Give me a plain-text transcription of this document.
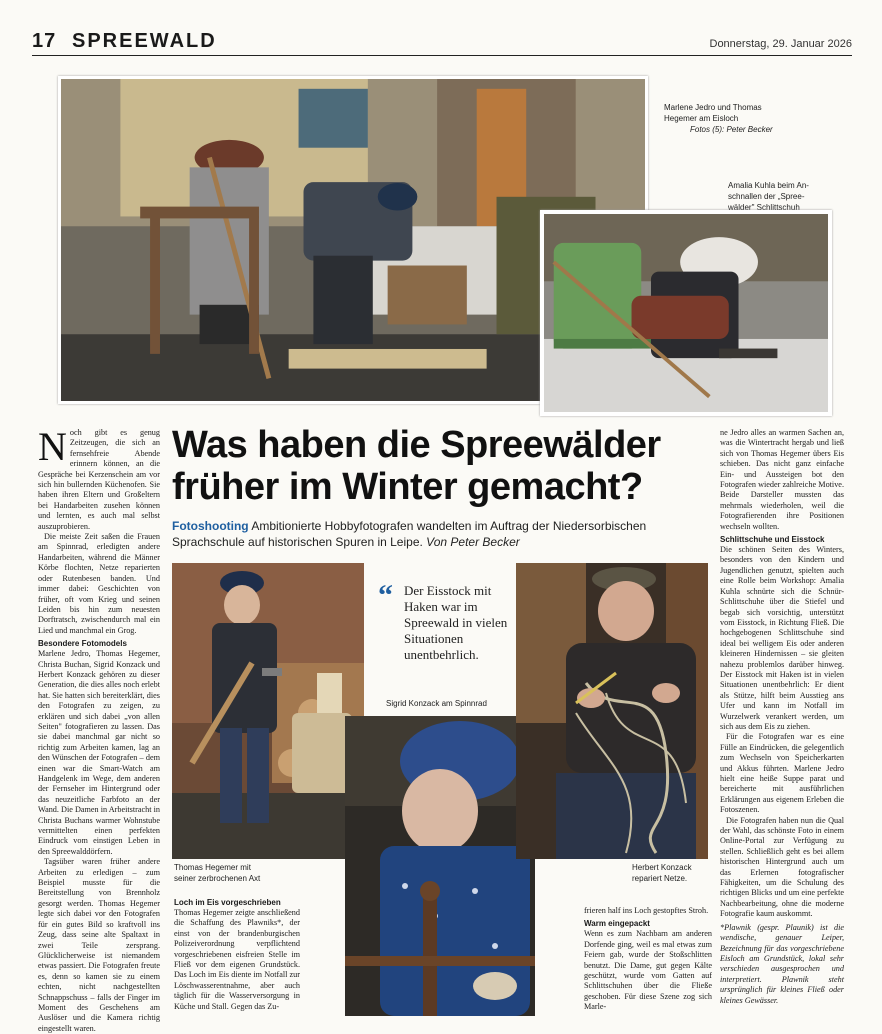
17 SPREEWALD	Donnerstag, 29. Januar 2026
Marlene Jedro und Thomas
Hegemer am Eisloch
Fotos (5): Peter Becker
Amalia Kuhla beim An-
schnallen der „Spree-
wälder" Schlittschuh
N och gibt es genug Zeitzeugen, die sich an fernsehfreie Abende erinnern können, an die Gespräche bei Kerzenschein am vor sich hin bullernden Küchenofen. Sie haben ihren Eltern und Großeltern bei Handarbeiten zusehen können und lernten, es auch mal selbst auszuprobieren.

Die meiste Zeit saßen die Frauen am Spinnrad, erledigten andere Handarbeiten, während die Männer Körbe flochten, Netze reparierten oder Rutenbesen banden. Und immer dabei: Geschichten von früher, oft vom Krieg und seinen Leiden bis hin zum neuesten Dorftratsch, zwischendurch mal ein Lied und manchmal ein Grog.

Besondere Fotomodels

Marlene Jedro, Thomas Hegemer, Christa Buchan, Sigrid Konzack und Herbert Konzack gehören zu dieser Generation, die dies alles noch erlebt hat. Sie hatten sich bereiterklärt, dies den Fotografen zu zeigen, zu erklären und sich dabei „von allen Seiten" fotografieren zu lassen. Das sie dabei manchmal gar nicht so richtig zum Arbeiten kamen, lag an den Wünschen der Fotografen – dem einen war die Smart-Watch am Handgelenk im Wege, dem anderen der Fernseher im Hintergrund oder das neuzeitliche Farbfoto an der Wand. Die Damen in Arbeitstracht in Christa Buchans warmer Wohnstube vermittelten einen perfekten Eindruck vom einstigen Leben in den Spreewalddörfern.

Tagsüber waren früher andere Arbeiten zu erledigen – zum Beispiel musste für die Bereitstellung von Brennholz gesorgt werden. Thomas Hegemer legte sich dabei vor den Fotografen für ein gutes Bild so kraftvoll ins Zeug, dass seine alte Spaltaxt in zwei Teile zersprang. Glücklicherweise ist niemandem etwas passiert. Die Fotografen freute es, denn so kamen sie zu einem echten, nicht nachgestellten Schnappschuss – falls der Finger im Moment des Geschehens am Auslöser und die Kamera richtig eingestellt waren.

Was haben die Spreewälder
früher im Winter gemacht?
Fotoshooting Ambitionierte Hobbyfotografen wandelten im Auftrag der Niedersorbischen Sprachschule auf historischen Spuren in Leipe. Von Peter Becker
Thomas Hegemer mit
seiner zerbrochenen Axt
Loch im Eis vorgeschrieben

Thomas Hegemer zeigte anschließend die Schaffung des Plawniks*, der einst von der brandenburgischen Polizeiverordnung verpflichtend vorgeschriebenen eisfreien Stelle im Fließ vor dem eigenen Grundstück. Das Loch im Eis diente im Notfall zur Löschwasserentnahme, aber auch täglich für die Wasserversorgung in Küche und Stall. Gegen das Zu-

“ Der Eisstock mit Haken war im Spreewald in vielen Situationen unentbehrlich.
Sigrid Konzack am Spinnrad

frieren half ins Loch gestopftes Stroh.

Warm eingepackt

Wenn es zum Nachbarn am anderen Dorfende ging, weil es mal etwas zum Feiern gab, wurde der Stoßschlitten benutzt. Die Dame, gut gegen Kälte geschützt, wurde vom Gatten auf Schlittschuhen über die Fließe geschoben. Für diese Szene zog sich Marle-

Herbert Konzack
repariert Netze.

ne Jedro alles an warmen Sachen an, was die Wintertracht hergab und ließ sich von Thomas Hegemer übers Eis schieben. Das nicht ganz einfache Ein- und Aussteigen bot den Fotografen wieder zahlreiche Motive. Beide Darsteller mussten das mehrmals wiederholen, weil die Fotografierenden ihre Positionen wechseln wollten.

Schlittschuhe und Eisstock

Die schönen Seiten des Winters, besonders von den Kindern und Jugendlichen genutzt, spielten auch eine Rolle beim Workshop: Amalia Kuhla schnürte sich die Schnür-Schlittschuhe über die Stiefel und begab sich vorsichtig, unterstützt vom Eisstock, in Richtung Fließ. Die hochgebogenen Schlittschuhe sind ideal bei welligem Eis oder anderen kleineren Hindernissen – sie gleiten nahezu problemlos darüber hinweg. Der Eisstock mit Haken ist in vielen Situationen unentbehrlich: Er dient als Stütze, hilft beim Ausstieg ans Ufer und kann im Notfall im Wurzelwerk verankert werden, um sich aus dem Eis zu ziehen.

Für die Fotografen war es eine Fülle an Eindrücken, die gelegentlich zum Wechseln von Speicherkarten und Akkus führten. Marlene Jedro hielt eine heiße Suppe parat und bereicherte mit ausführlichen Erklärungen aus eigenem Erleben die Fotoszenen.

Die Fotografen haben nun die Qual der Wahl, das schönste Foto in einem Online-Portal zur Verfügung zu stellen. Schließlich geht es bei allem historischen Hintergrund auch um das Erlernen fotografischer Fähigkeiten, um die Schulung des richtigen Blicks und um eine perfekte Nachbearbeitung, ohne die moderne Fotografie kaum auskommt.

*Plawnik (gespr. Plaunik) ist die wendische, genauer Leiper, Bezeichnung für das vorgeschriebene Eisloch am Grundstück, lokal sehr verschieden ausgesprochen und interpretiert. Plawnik steht ursprünglich für kleines Fließ oder kleines Gewässer.
